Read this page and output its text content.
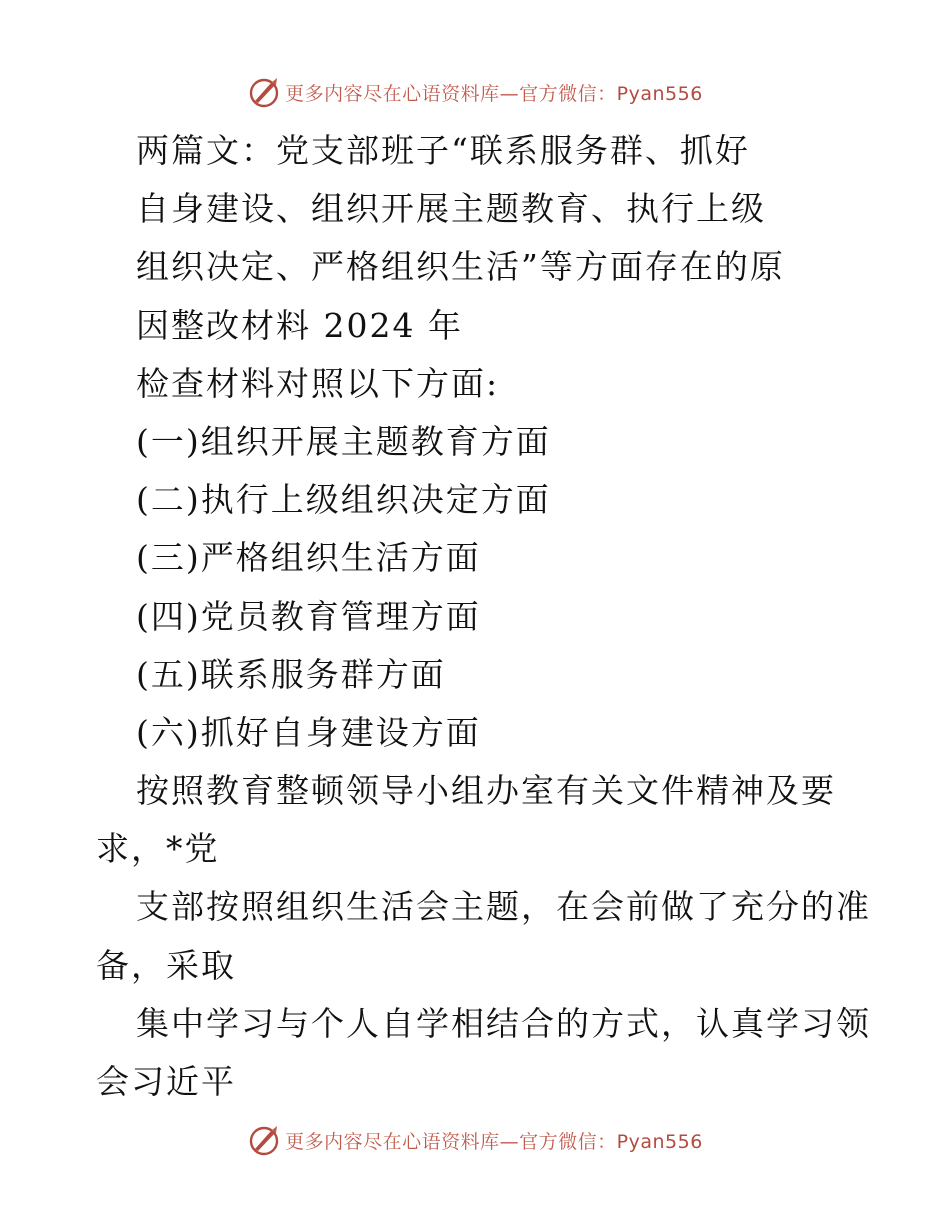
更多内容尽在心语资料库—官方微信：Pyan556
两篇文：党支部班子“联系服务群、抓好
自身建设、组织开展主题教育、执行上级
组织决定、严格组织生活”等方面存在的原
因整改材料 2024 年
检查材料对照以下方面:
(一)组织开展主题教育方面
(二)执行上级组织决定方面
(三)严格组织生活方面
(四)党员教育管理方面
(五)联系服务群方面
(六)抓好自身建设方面
按照教育整顿领导小组办室有关文件精神及要
求，*党
支部按照组织生活会主题，在会前做了充分的准
备，采取
集中学习与个人自学相结合的方式，认真学习领
会习近平
更多内容尽在心语资料库—官方微信：Pyan556
